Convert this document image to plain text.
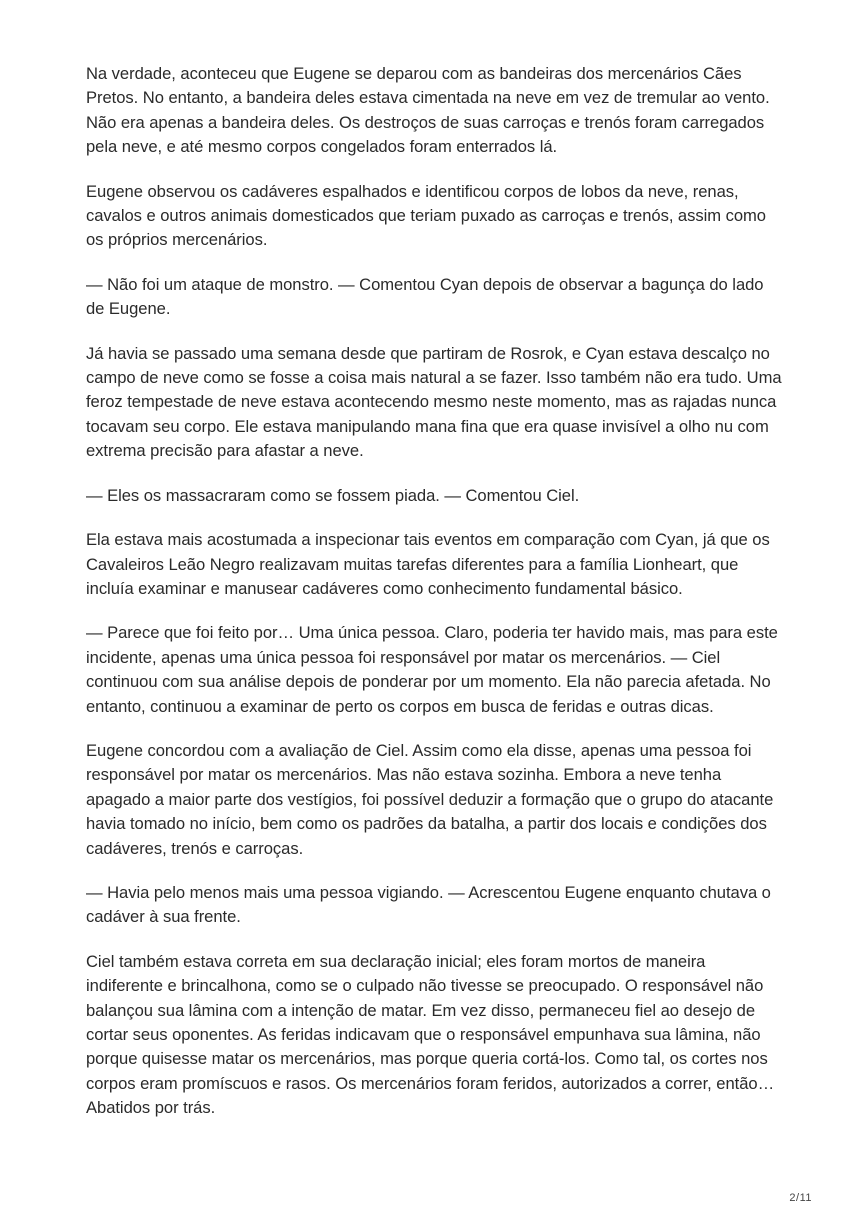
Na verdade, aconteceu que Eugene se deparou com as bandeiras dos mercenários Cães Pretos. No entanto, a bandeira deles estava cimentada na neve em vez de tremular ao vento. Não era apenas a bandeira deles. Os destroços de suas carroças e trenós foram carregados pela neve, e até mesmo corpos congelados foram enterrados lá.

Eugene observou os cadáveres espalhados e identificou corpos de lobos da neve, renas, cavalos e outros animais domesticados que teriam puxado as carroças e trenós, assim como os próprios mercenários.

— Não foi um ataque de monstro. — Comentou Cyan depois de observar a bagunça do lado de Eugene.

Já havia se passado uma semana desde que partiram de Rosrok, e Cyan estava descalço no campo de neve como se fosse a coisa mais natural a se fazer. Isso também não era tudo. Uma feroz tempestade de neve estava acontecendo mesmo neste momento, mas as rajadas nunca tocavam seu corpo. Ele estava manipulando mana fina que era quase invisível a olho nu com extrema precisão para afastar a neve.

— Eles os massacraram como se fossem piada. — Comentou Ciel.

Ela estava mais acostumada a inspecionar tais eventos em comparação com Cyan, já que os Cavaleiros Leão Negro realizavam muitas tarefas diferentes para a família Lionheart, que incluía examinar e manusear cadáveres como conhecimento fundamental básico.

— Parece que foi feito por… Uma única pessoa. Claro, poderia ter havido mais, mas para este incidente, apenas uma única pessoa foi responsável por matar os mercenários. — Ciel continuou com sua análise depois de ponderar por um momento. Ela não parecia afetada. No entanto, continuou a examinar de perto os corpos em busca de feridas e outras dicas.

Eugene concordou com a avaliação de Ciel. Assim como ela disse, apenas uma pessoa foi responsável por matar os mercenários. Mas não estava sozinha. Embora a neve tenha apagado a maior parte dos vestígios, foi possível deduzir a formação que o grupo do atacante havia tomado no início, bem como os padrões da batalha, a partir dos locais e condições dos cadáveres, trenós e carroças.

— Havia pelo menos mais uma pessoa vigiando. — Acrescentou Eugene enquanto chutava o cadáver à sua frente.

Ciel também estava correta em sua declaração inicial; eles foram mortos de maneira indiferente e brincalhona, como se o culpado não tivesse se preocupado. O responsável não balançou sua lâmina com a intenção de matar. Em vez disso, permaneceu fiel ao desejo de cortar seus oponentes. As feridas indicavam que o responsável empunhava sua lâmina, não porque quisesse matar os mercenários, mas porque queria cortá-los. Como tal, os cortes nos corpos eram promíscuos e rasos. Os mercenários foram feridos, autorizados a correr, então… Abatidos por trás.

2/11
